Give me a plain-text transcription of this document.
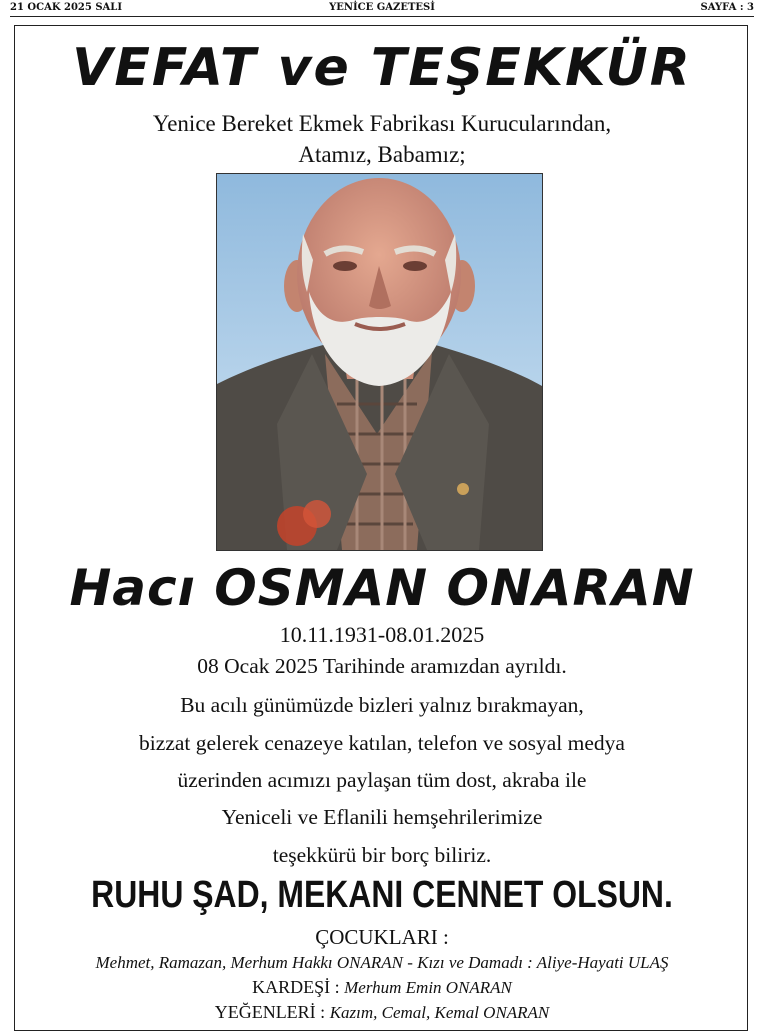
21 OCAK 2025 SALI	YENİCE GAZETESİ	SAYFA : 3
VEFAT ve TEŞEKKÜR
Yenice Bereket Ekmek Fabrikası Kurucularından,
Atamız, Babamız;
Hacı OSMAN ONARAN
10.11.1931-08.01.2025
08 Ocak 2025 Tarihinde aramızdan ayrıldı.
Bu acılı günümüzde bizleri yalnız bırakmayan,
bizzat gelerek cenazeye katılan, telefon ve sosyal medya
üzerinden acımızı paylaşan tüm dost, akraba ile
Yeniceli ve Eflanili hemşehrilerimize
teşekkürü bir borç biliriz.
RUHU ŞAD, MEKANI CENNET OLSUN.
ÇOCUKLARI :
Mehmet, Ramazan, Merhum Hakkı ONARAN - Kızı ve Damadı : Aliye-Hayati ULAŞ
KARDEŞİ : Merhum Emin ONARAN
YEĞENLERİ : Kazım, Cemal, Kemal ONARAN
